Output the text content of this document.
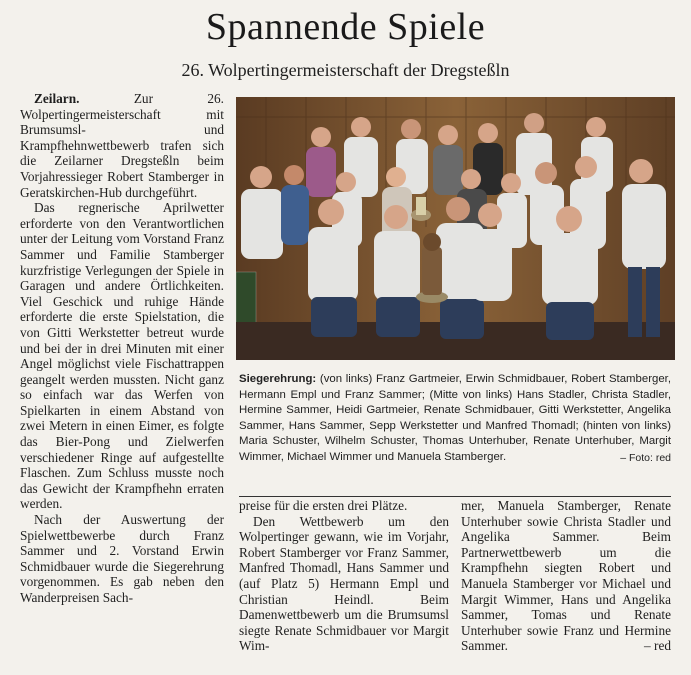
Spannende Spiele
26. Wolpertingermeisterschaft der Dregsteßln

Zeilarn.	Zur 26. Wolpertingermeisterschaft mit Brumsumsl- und Krampfhehnwettbewerb trafen sich die Zeilarner Dregsteßln beim Vorjahressieger Robert Stamberger in Geratskirchen-Hub durchgeführt.

Das regnerische Aprilwetter erforderte von den Verantwortlichen unter der Leitung vom Vorstand Franz Sammer und Familie Stamberger kurzfristige Verlegungen der Spiele in Garagen und andere Örtlichkeiten. Viel Geschick und ruhige Hände erforderte die erste Spielstation, die von Gitti Werkstetter betreut wurde und bei der in drei Minuten mit einer Angel möglichst viele Fischattrappen geangelt werden mussten. Nicht ganz so einfach war das Werfen von Spielkarten in einem Abstand von zwei Metern in einen Eimer, es folgte das Bier-Pong und Zielwerfen verschiedener Ringe auf aufgestellte Flaschen. Zum Schluss musste noch das Gewicht der Krampfhehn erraten werden.

Nach der Auswertung der Spielwettbewerbe durch Franz Sammer und 2. Vorstand Erwin Schmidbauer wurde die Siegerehrung vorgenommen. Es gab neben den Wanderpreisen Sach-

Siegerehrung: (von links) Franz Gartmeier, Erwin Schmidbauer, Robert Stamberger, Hermann Empl und Franz Sammer; (Mitte von links) Hans Stadler, Christa Stadler, Hermine Sammer, Heidi Gartmeier, Renate Schmidbauer, Gitti Werkstetter, Angelika Sammer, Hans Sammer, Sepp Werkstetter und Manfred Thomadl; (hinten von links) Maria Schuster, Wilhelm Schuster, Thomas Unterhuber, Renate Unterhuber, Margit Wimmer, Michael Wimmer und Manuela Stamberger.	– Foto: red

preise für die ersten drei Plätze.

Den Wettbewerb um den Wolpertinger gewann, wie im Vorjahr, Robert Stamberger vor Franz Sammer, Manfred Thomadl, Hans Sammer und (auf Platz 5) Hermann Empl und Christian Heindl. Beim Damenwettbewerb um die Brumsumsl siegte Renate Schmidbauer vor Margit Wim-

mer, Manuela Stamberger, Renate Unterhuber sowie Christa Stadler und Angelika Sammer. Beim Partnerwettbewerb um die Krampfhehn siegten Robert und Manuela Stamberger vor Michael und Margit Wimmer, Hans und Angelika Sammer, Tomas und Renate Unterhuber sowie Franz und Hermine Sammer.	– red
